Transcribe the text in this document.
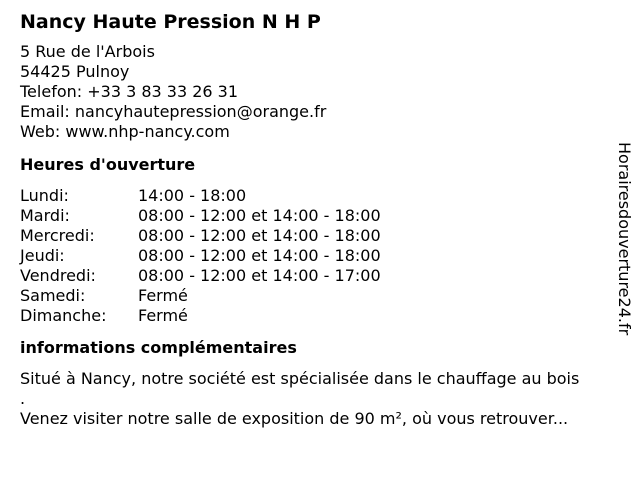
Nancy Haute Pression N H P
5 Rue de l'Arbois
54425 Pulnoy
Telefon: +33 3 83 33 26 31
Email: nancyhautepression@orange.fr
Web: www.nhp-nancy.com
Heures d'ouverture
Lundi:	14:00 - 18:00
Mardi:	08:00 - 12:00 et 14:00 - 18:00
Mercredi:	08:00 - 12:00 et 14:00 - 18:00
Jeudi:	08:00 - 12:00 et 14:00 - 18:00
Vendredi:	08:00 - 12:00 et 14:00 - 17:00
Samedi:	Fermé
Dimanche:	Fermé
informations complémentaires
Situé à Nancy, notre société est spécialisée dans le chauffage au bois
.
Venez visiter notre salle de exposition de 90 m², où vous retrouver...
Horairesdouverture24.fr
